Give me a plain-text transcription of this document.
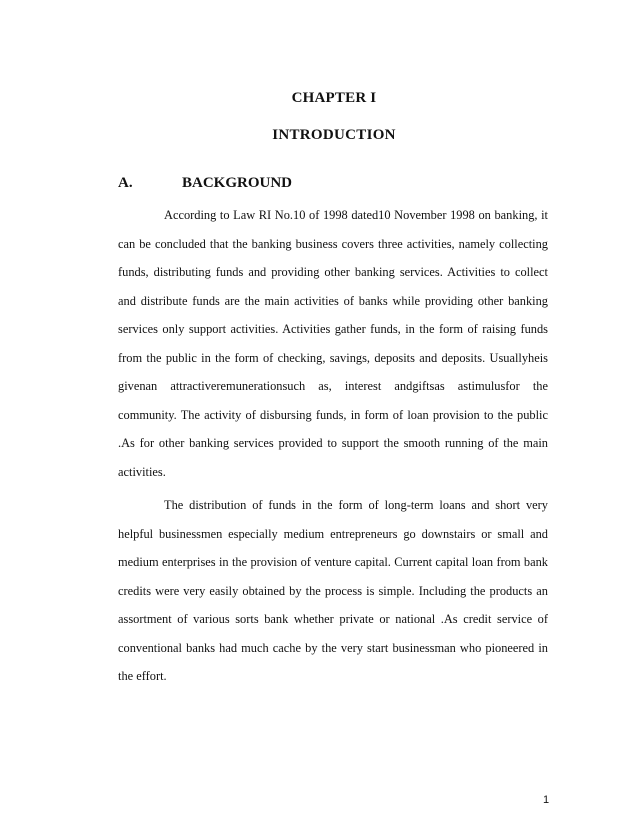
CHAPTER I
INTRODUCTION
A.	BACKGROUND

According to Law RI No.10 of 1998 dated10 November 1998 on banking, it can be concluded that the banking business covers three activities, namely collecting funds, distributing funds and providing other banking services. Activities to collect and distribute funds are the main activities of banks while providing other banking services only support activities. Activities gather funds, in the form of raising funds from the public in the form of checking, savings, deposits and deposits. Usuallyheis givenan attractiveremunerationsuch as, interest andgiftsas astimulusfor the community. The activity of disbursing funds, in form of loan provision to the public .As for other banking services provided to support the smooth running of the main activities.

The distribution of funds in the form of long-term loans and short very helpful businessmen especially medium entrepreneurs go downstairs or small and medium enterprises in the provision of venture capital. Current capital loan from bank credits were very easily obtained by the process is simple. Including the products an assortment of various sorts bank whether private or national .As credit service of conventional banks had much cache by the very start businessman who pioneered in the effort.

1
